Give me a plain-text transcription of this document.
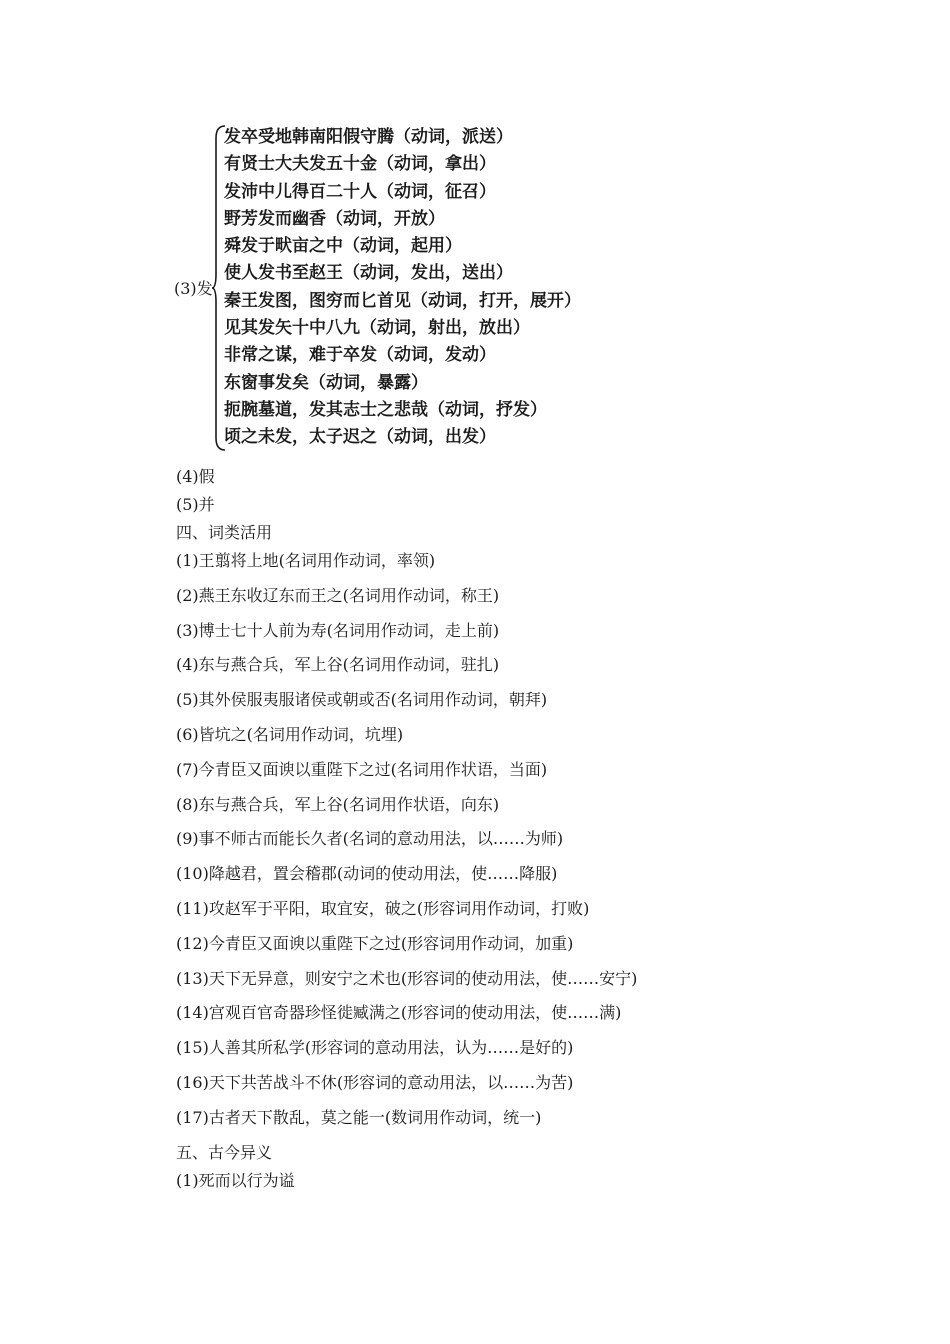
(3)发
发卒受地韩南阳假守腾（动词，派送）
有贤士大夫发五十金（动词，拿出）
发沛中儿得百二十人（动词，征召）
野芳发而幽香（动词，开放）
舜发于畎亩之中（动词，起用）
使人发书至赵王（动词，发出，送出）
秦王发图，图穷而匕首见（动词，打开，展开）
见其发矢十中八九（动词，射出，放出）
非常之谋，难于卒发（动词，发动）
东窗事发矣（动词，暴露）
扼腕墓道，发其志士之悲哉（动词，抒发）
顷之未发，太子迟之（动词，出发）
(4)假
(5)并
四、词类活用
(1)王翦将上地(名词用作动词，率领)
(2)燕王东收辽东而王之(名词用作动词，称王)
(3)博士七十人前为寿(名词用作动词，走上前)
(4)东与燕合兵，军上谷(名词用作动词，驻扎)
(5)其外侯服夷服诸侯或朝或否(名词用作动词，朝拜)
(6)皆坑之(名词用作动词，坑埋)
(7)今青臣又面谀以重陛下之过(名词用作状语，当面)
(8)东与燕合兵，军上谷(名词用作状语，向东)
(9)事不师古而能长久者(名词的意动用法，以……为师)
(10)降越君，置会稽郡(动词的使动用法，使……降服)
(11)攻赵军于平阳，取宜安，破之(形容词用作动词，打败)
(12)今青臣又面谀以重陛下之过(形容词用作动词，加重)
(13)天下无异意，则安宁之术也(形容词的使动用法，使……安宁)
(14)宫观百官奇器珍怪徙臧满之(形容词的使动用法，使……满)
(15)人善其所私学(形容词的意动用法，认为……是好的)
(16)天下共苦战斗不休(形容词的意动用法，以……为苦)
(17)古者天下散乱，莫之能一(数词用作动词，统一)
五、古今异义
(1)死而以行为谥
